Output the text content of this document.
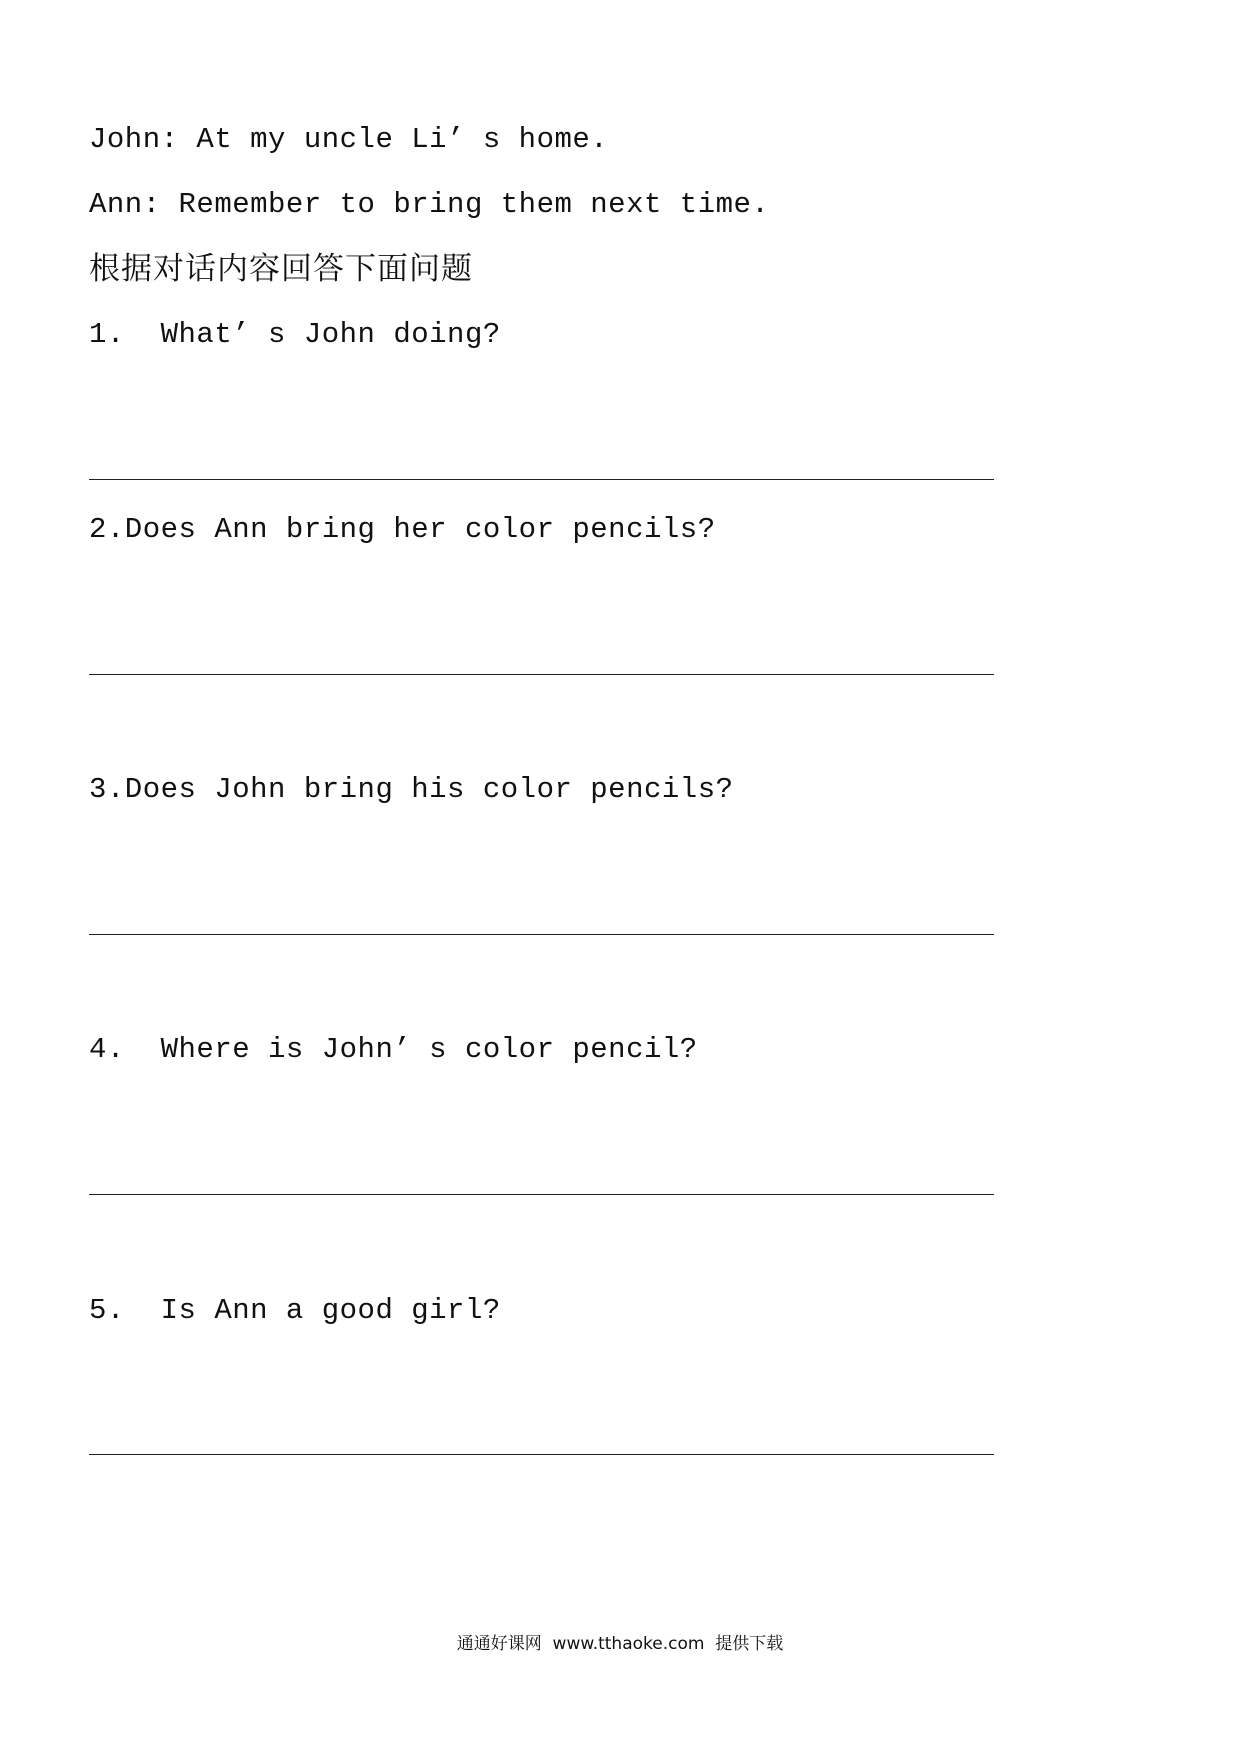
John: At my uncle Li’ s home.
Ann: Remember to bring them next time.
根据对话内容回答下面问题
1.  What’ s John doing?
2.Does Ann bring her color pencils?
3.Does John bring his color pencils?
4.  Where is John’ s color pencil?
5.  Is Ann a good girl?
通通好课网  www.tthaoke.com  提供下载
